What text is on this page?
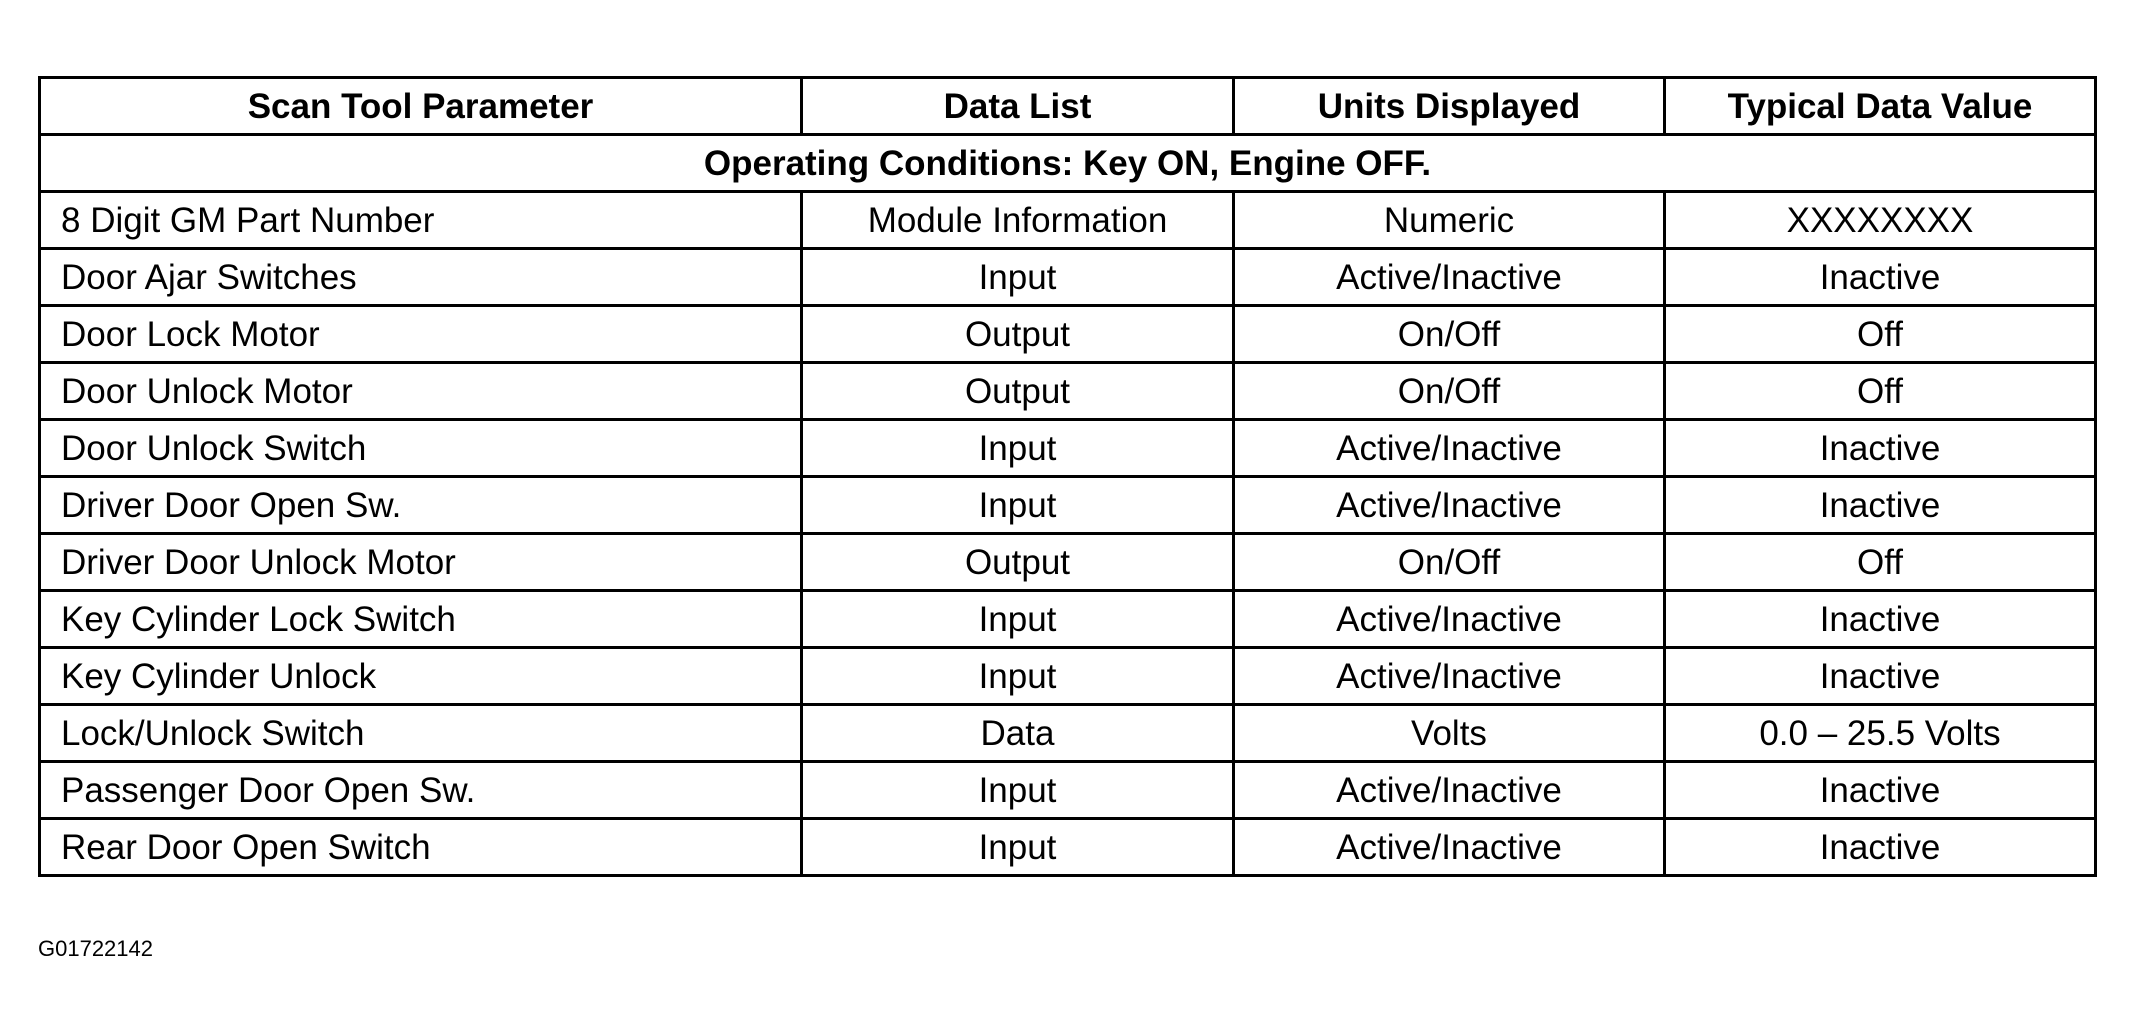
Scan Tool Parameter	Data List	Units Displayed	Typical Data Value
Operating Conditions: Key ON, Engine OFF.			
8 Digit GM Part Number	Module Information	Numeric	XXXXXXXX
Door Ajar Switches	Input	Active/Inactive	Inactive
Door Lock Motor	Output	On/Off	Off
Door Unlock Motor	Output	On/Off	Off
Door Unlock Switch	Input	Active/Inactive	Inactive
Driver Door Open Sw.	Input	Active/Inactive	Inactive
Driver Door Unlock Motor	Output	On/Off	Off
Key Cylinder Lock Switch	Input	Active/Inactive	Inactive
Key Cylinder Unlock	Input	Active/Inactive	Inactive
Lock/Unlock Switch	Data	Volts	0.0 – 25.5 Volts
Passenger Door Open Sw.	Input	Active/Inactive	Inactive
Rear Door Open Switch	Input	Active/Inactive	Inactive
G01722142
